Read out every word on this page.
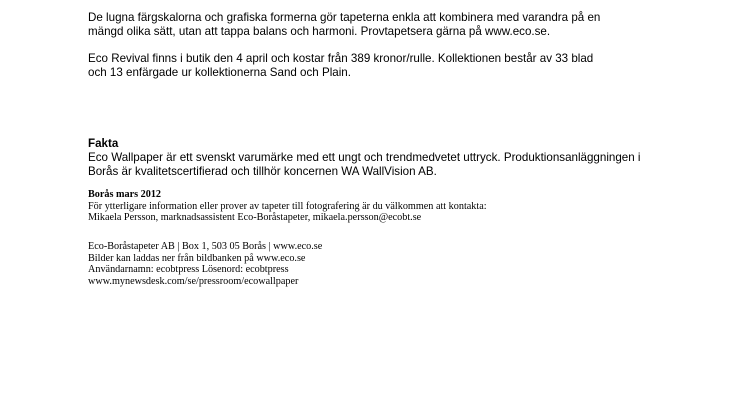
De lugna färgskalorna och grafiska formerna gör tapeterna enkla att kombinera med varandra på en
mängd olika sätt, utan att tappa balans och harmoni. Provtapetsera gärna på www.eco.se.
Eco Revival finns i butik den 4 april och kostar från 389 kronor/rulle. Kollektionen består av 33 blad
och 13 enfärgade ur kollektionerna Sand och Plain.
Fakta
Eco Wallpaper är ett svenskt varumärke med ett ungt och trendmedvetet uttryck. Produktionsanläggningen i
Borås är kvalitetscertifierad och tillhör koncernen WA WallVision AB.
Borås mars 2012
För ytterligare information eller prover av tapeter till fotografering är du välkommen att kontakta:
Mikaela Persson, marknadsassistent Eco-Boråstapeter, mikaela.persson@ecobt.se
Eco-Boråstapeter AB | Box 1, 503 05 Borås | www.eco.se
Bilder kan laddas ner från bildbanken på www.eco.se
Användarnamn: ecobtpress Lösenord: ecobtpress
www.mynewsdesk.com/se/pressroom/ecowallpaper
